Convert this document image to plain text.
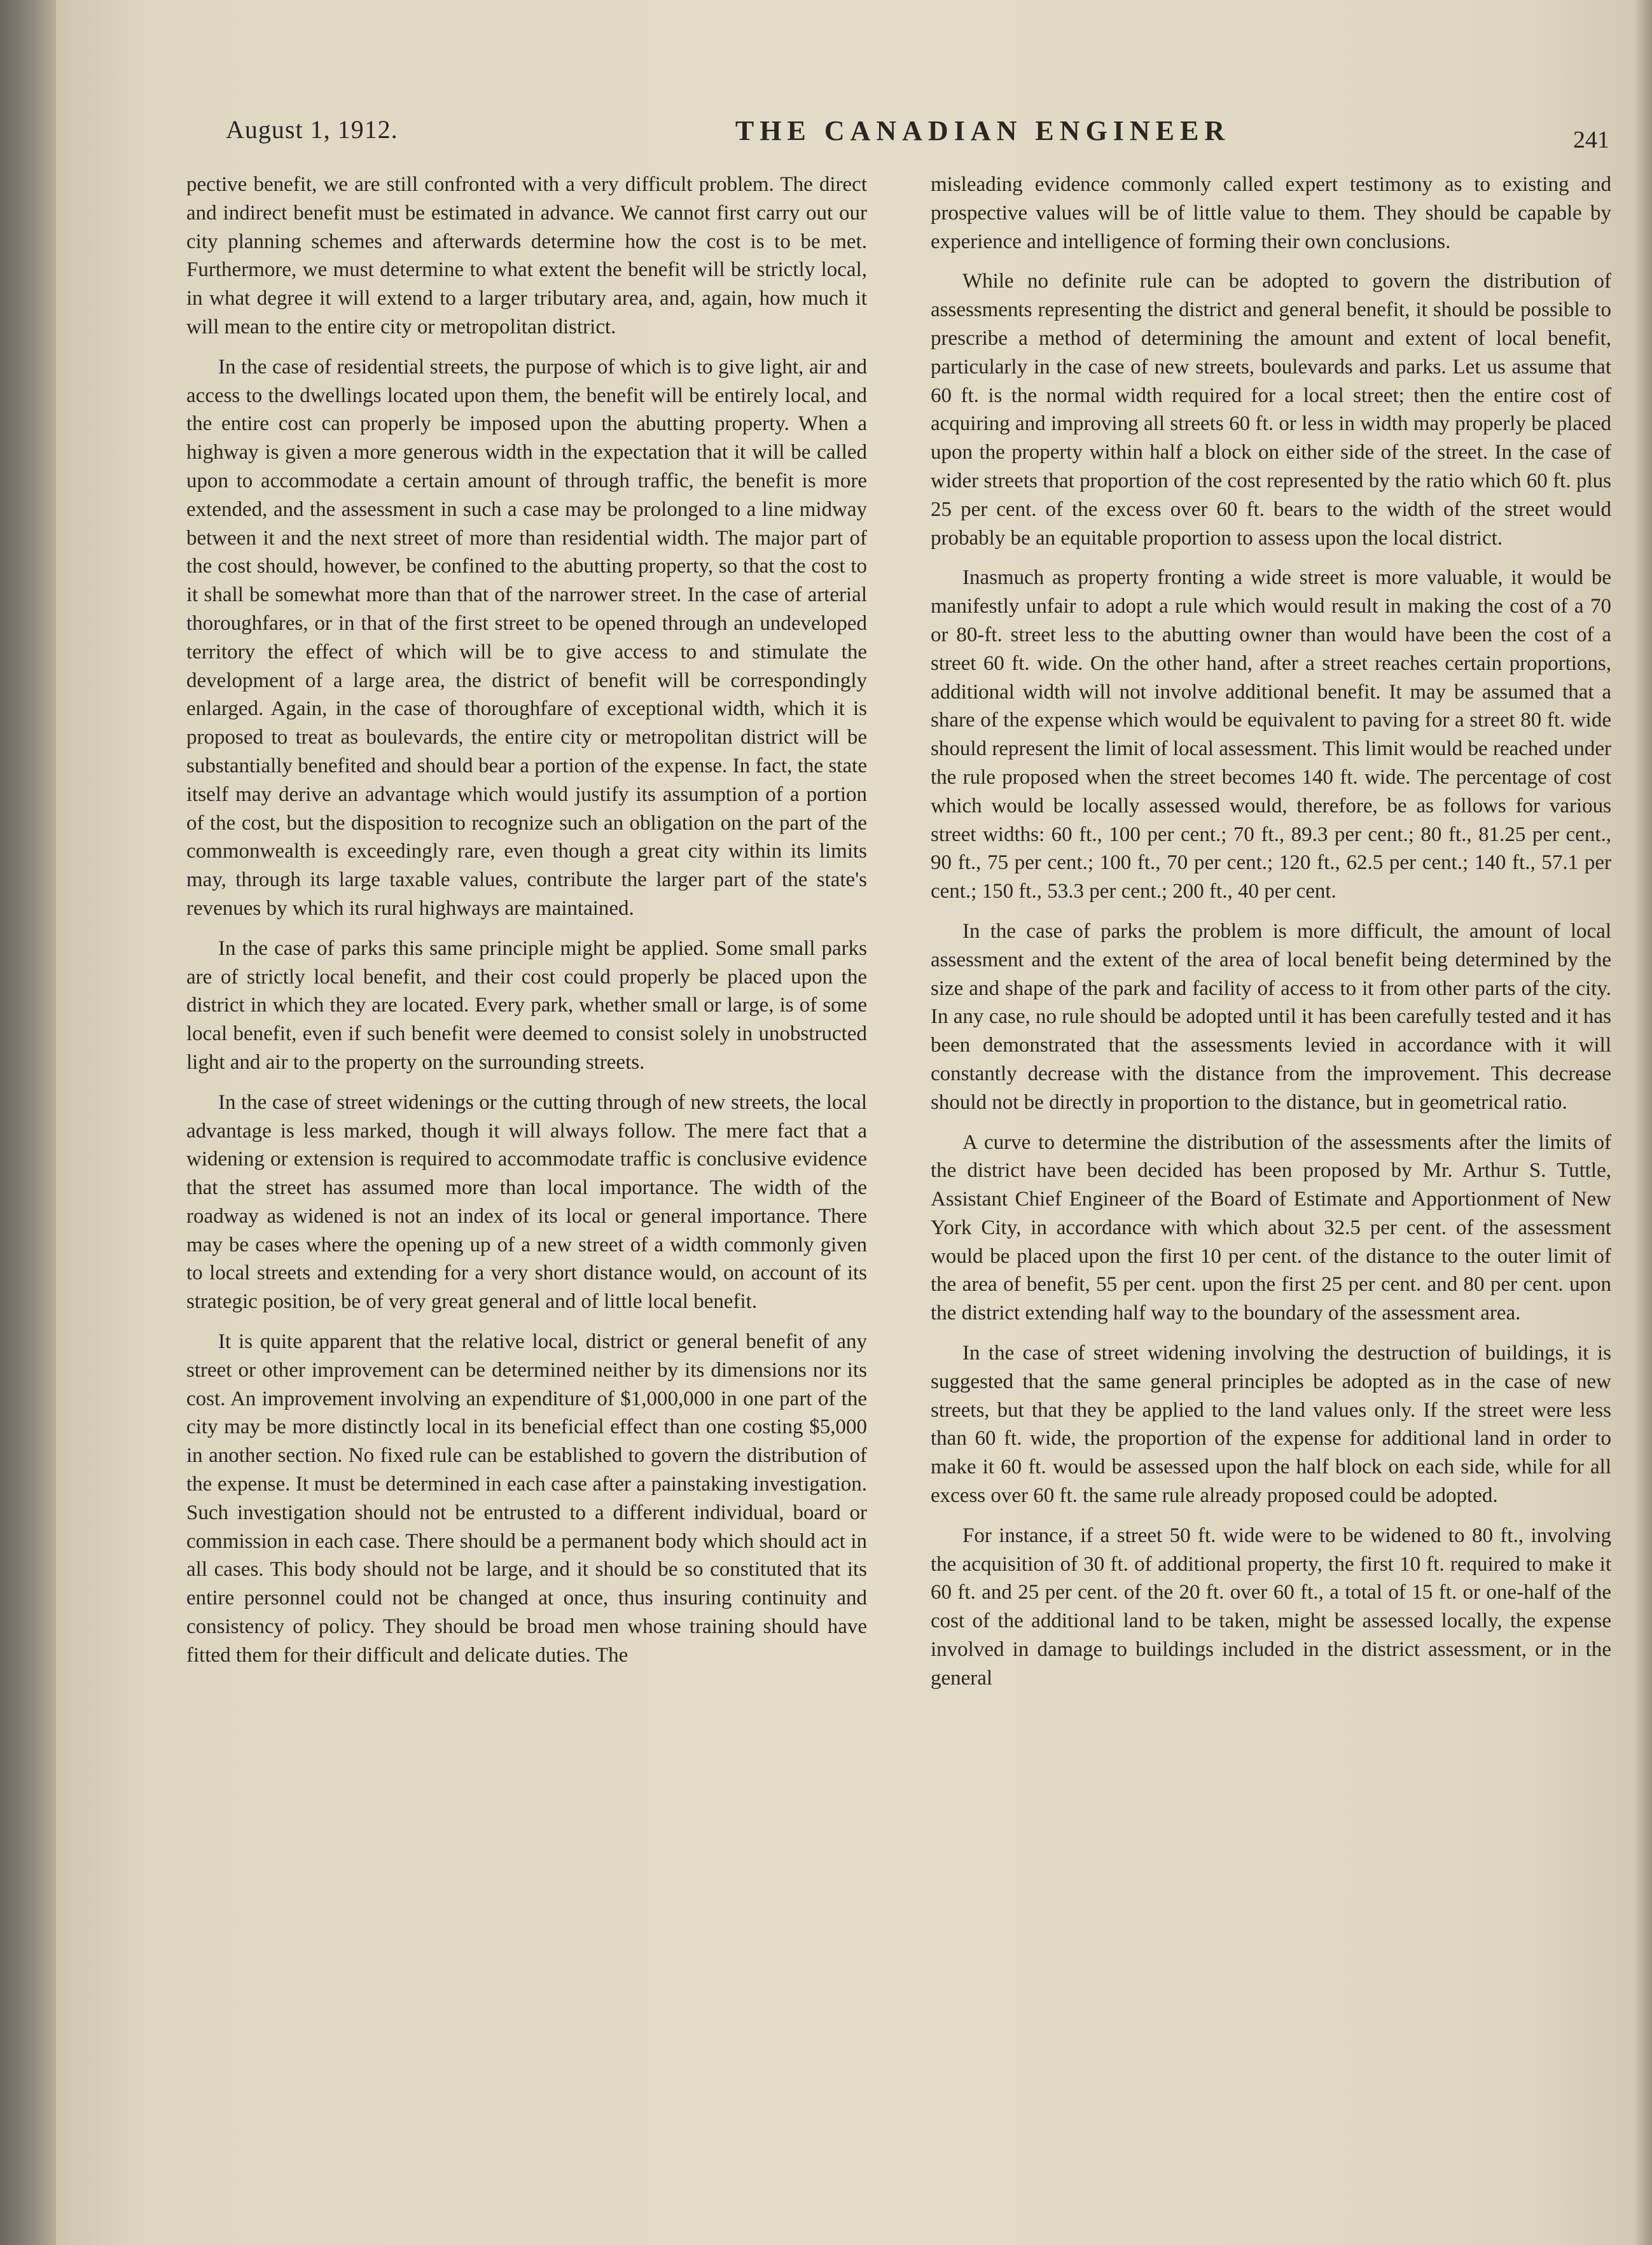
August 1, 1912.	THE CANADIAN ENGINEER	241

pective benefit, we are still confronted with a very difficult problem. The direct and indirect benefit must be estimated in advance. We cannot first carry out our city planning schemes and afterwards determine how the cost is to be met. Furthermore, we must determine to what extent the benefit will be strictly local, in what degree it will extend to a larger tributary area, and, again, how much it will mean to the entire city or metropolitan district.

In the case of residential streets, the purpose of which is to give light, air and access to the dwellings located upon them, the benefit will be entirely local, and the entire cost can properly be imposed upon the abutting property. When a highway is given a more generous width in the expectation that it will be called upon to accommodate a certain amount of through traffic, the benefit is more extended, and the assessment in such a case may be prolonged to a line midway between it and the next street of more than residential width. The major part of the cost should, however, be confined to the abutting property, so that the cost to it shall be somewhat more than that of the narrower street. In the case of arterial thoroughfares, or in that of the first street to be opened through an undeveloped territory the effect of which will be to give access to and stimulate the development of a large area, the district of benefit will be correspondingly enlarged. Again, in the case of thoroughfare of exceptional width, which it is proposed to treat as boulevards, the entire city or metropolitan district will be substantially benefited and should bear a portion of the expense. In fact, the state itself may derive an advantage which would justify its assumption of a portion of the cost, but the disposition to recognize such an obligation on the part of the commonwealth is exceedingly rare, even though a great city within its limits may, through its large taxable values, contribute the larger part of the state's revenues by which its rural highways are maintained.

In the case of parks this same principle might be applied. Some small parks are of strictly local benefit, and their cost could properly be placed upon the district in which they are located. Every park, whether small or large, is of some local benefit, even if such benefit were deemed to consist solely in unobstructed light and air to the property on the surrounding streets.

In the case of street widenings or the cutting through of new streets, the local advantage is less marked, though it will always follow. The mere fact that a widening or extension is required to accommodate traffic is conclusive evidence that the street has assumed more than local importance. The width of the roadway as widened is not an index of its local or general importance. There may be cases where the opening up of a new street of a width commonly given to local streets and extending for a very short distance would, on account of its strategic position, be of very great general and of little local benefit.

It is quite apparent that the relative local, district or general benefit of any street or other improvement can be determined neither by its dimensions nor its cost. An improvement involving an expenditure of $1,000,000 in one part of the city may be more distinctly local in its beneficial effect than one costing $5,000 in another section. No fixed rule can be established to govern the distribution of the expense. It must be determined in each case after a painstaking investigation. Such investigation should not be entrusted to a different individual, board or commission in each case. There should be a permanent body which should act in all cases. This body should not be large, and it should be so constituted that its entire personnel could not be changed at once, thus insuring continuity and consistency of policy. They should be broad men whose training should have fitted them for their difficult and delicate duties. The

misleading evidence commonly called expert testimony as to existing and prospective values will be of little value to them. They should be capable by experience and intelligence of forming their own conclusions.

While no definite rule can be adopted to govern the distribution of assessments representing the district and general benefit, it should be possible to prescribe a method of determining the amount and extent of local benefit, particularly in the case of new streets, boulevards and parks. Let us assume that 60 ft. is the normal width required for a local street; then the entire cost of acquiring and improving all streets 60 ft. or less in width may properly be placed upon the property within half a block on either side of the street. In the case of wider streets that proportion of the cost represented by the ratio which 60 ft. plus 25 per cent. of the excess over 60 ft. bears to the width of the street would probably be an equitable proportion to assess upon the local district.

Inasmuch as property fronting a wide street is more valuable, it would be manifestly unfair to adopt a rule which would result in making the cost of a 70 or 80-ft. street less to the abutting owner than would have been the cost of a street 60 ft. wide. On the other hand, after a street reaches certain proportions, additional width will not involve additional benefit. It may be assumed that a share of the expense which would be equivalent to paving for a street 80 ft. wide should represent the limit of local assessment. This limit would be reached under the rule proposed when the street becomes 140 ft. wide. The percentage of cost which would be locally assessed would, therefore, be as follows for various street widths: 60 ft., 100 per cent.; 70 ft., 89.3 per cent.; 80 ft., 81.25 per cent., 90 ft., 75 per cent.; 100 ft., 70 per cent.; 120 ft., 62.5 per cent.; 140 ft., 57.1 per cent.; 150 ft., 53.3 per cent.; 200 ft., 40 per cent.

In the case of parks the problem is more difficult, the amount of local assessment and the extent of the area of local benefit being determined by the size and shape of the park and facility of access to it from other parts of the city. In any case, no rule should be adopted until it has been carefully tested and it has been demonstrated that the assessments levied in accordance with it will constantly decrease with the distance from the improvement. This decrease should not be directly in proportion to the distance, but in geometrical ratio.

A curve to determine the distribution of the assessments after the limits of the district have been decided has been proposed by Mr. Arthur S. Tuttle, Assistant Chief Engineer of the Board of Estimate and Apportionment of New York City, in accordance with which about 32.5 per cent. of the assessment would be placed upon the first 10 per cent. of the distance to the outer limit of the area of benefit, 55 per cent. upon the first 25 per cent. and 80 per cent. upon the district extending half way to the boundary of the assessment area.

In the case of street widening involving the destruction of buildings, it is suggested that the same general principles be adopted as in the case of new streets, but that they be applied to the land values only. If the street were less than 60 ft. wide, the proportion of the expense for additional land in order to make it 60 ft. would be assessed upon the half block on each side, while for all excess over 60 ft. the same rule already proposed could be adopted.

For instance, if a street 50 ft. wide were to be widened to 80 ft., involving the acquisition of 30 ft. of additional property, the first 10 ft. required to make it 60 ft. and 25 per cent. of the 20 ft. over 60 ft., a total of 15 ft. or one-half of the cost of the additional land to be taken, might be assessed locally, the expense involved in damage to buildings included in the district assessment, or in the general
